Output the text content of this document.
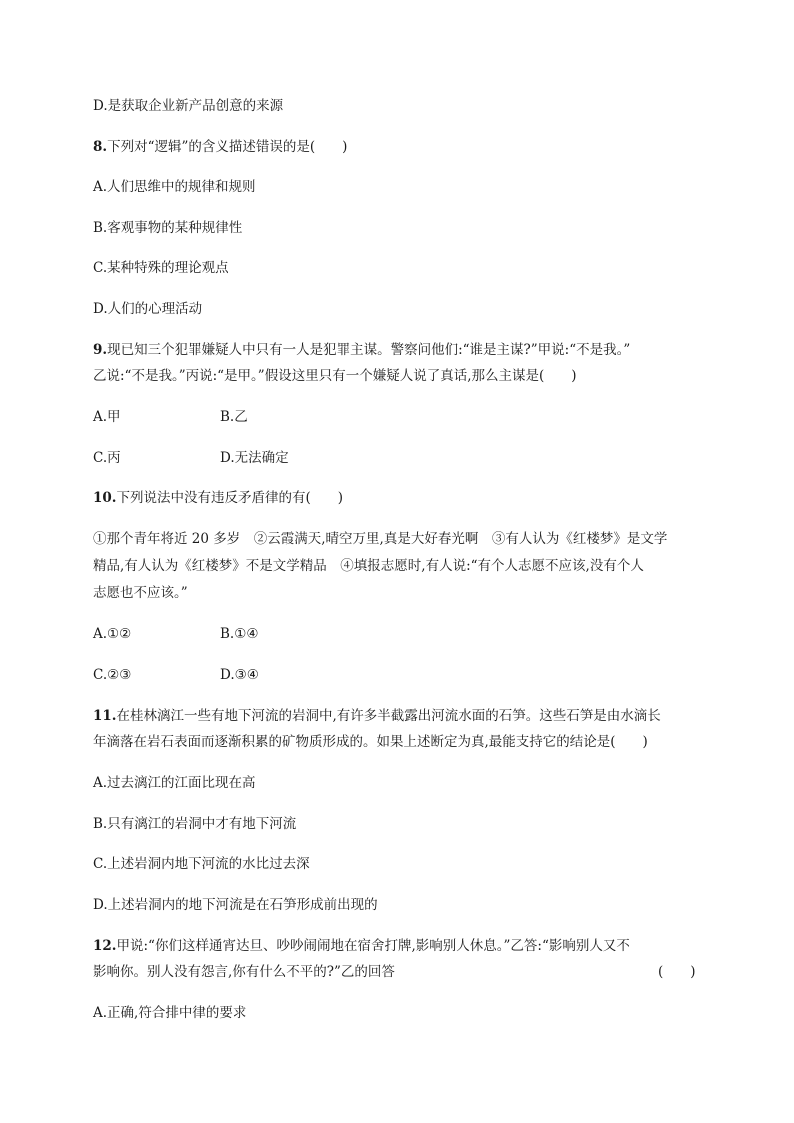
D.是获取企业新产品创意的来源
8.下列对“逻辑”的含义描述错误的是(　　)
A.人们思维中的规律和规则
B.客观事物的某种规律性
C.某种特殊的理论观点
D.人们的心理活动
9.现已知三个犯罪嫌疑人中只有一人是犯罪主谋。警察问他们:“谁是主谋?”甲说:“不是我。”
乙说:“不是我。”丙说:“是甲。”假设这里只有一个嫌疑人说了真话,那么主谋是(　　)
A.甲	B.乙
C.丙	D.无法确定
10.下列说法中没有违反矛盾律的有(　　)
①那个青年将近 20 多岁　②云霞满天,晴空万里,真是大好春光啊　③有人认为《红楼梦》是文学
精品,有人认为《红楼梦》不是文学精品　④填报志愿时,有人说:“有个人志愿不应该,没有个人
志愿也不应该。”
A.①②	B.①④
C.②③	D.③④
11.在桂林漓江一些有地下河流的岩洞中,有许多半截露出河流水面的石笋。这些石笋是由水滴长
年滴落在岩石表面而逐渐积累的矿物质形成的。如果上述断定为真,最能支持它的结论是(　　)
A.过去漓江的江面比现在高
B.只有漓江的岩洞中才有地下河流
C.上述岩洞内地下河流的水比过去深
D.上述岩洞内的地下河流是在石笋形成前出现的
12.甲说:“你们这样通宵达旦、吵吵闹闹地在宿舍打牌,影响别人休息。”乙答:“影响别人又不
影响你。别人没有怨言,你有什么不平的?”乙的回答	(　　)
A.正确,符合排中律的要求
